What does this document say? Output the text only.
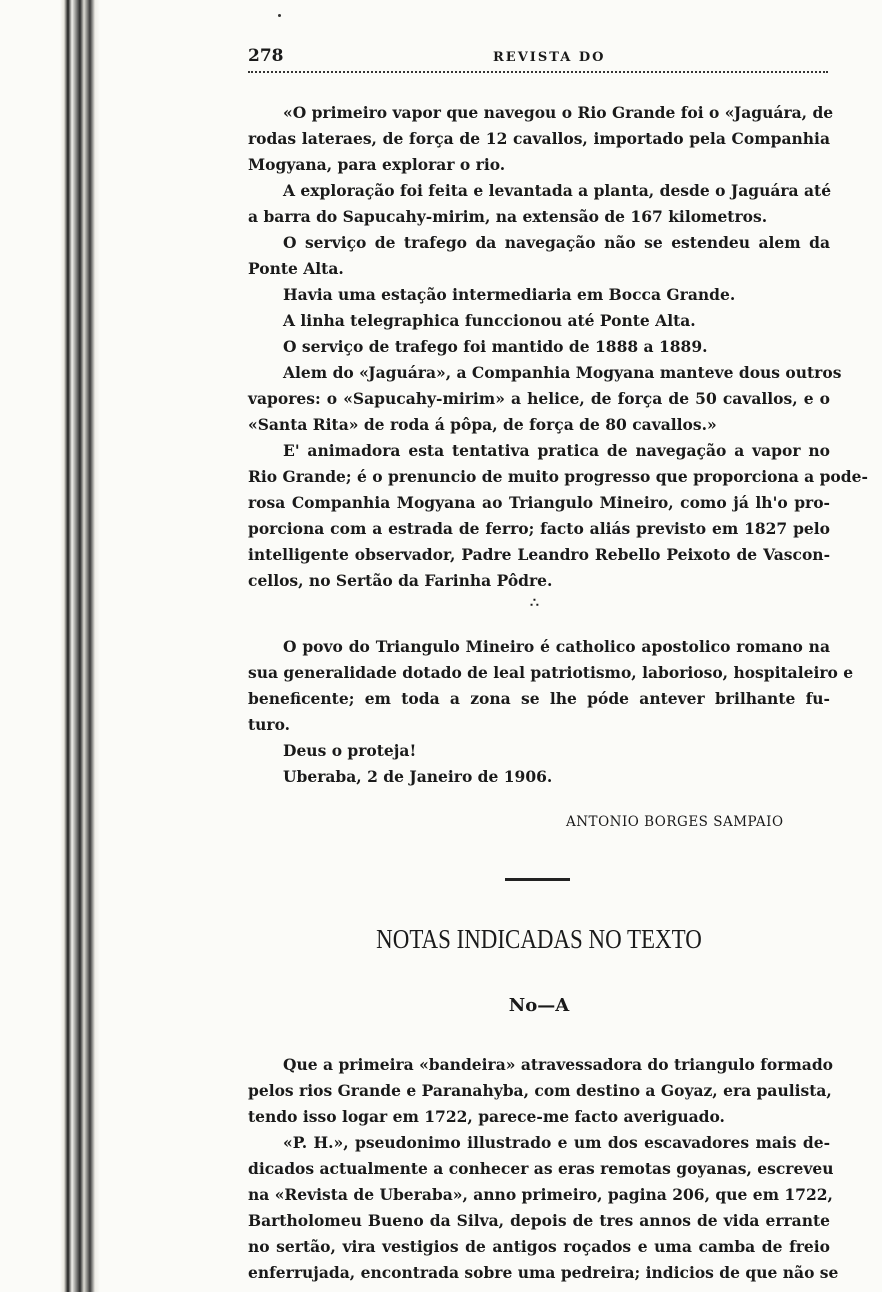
278	REVISTA DO
«O primeiro vapor que navegou o Rio Grande foi o «Jaguára, de
rodas lateraes, de força de 12 cavallos, importado pela Companhia
Mogyana, para explorar o rio.
A exploração foi feita e levantada a planta, desde o Jaguára até
a barra do Sapucahy-mirim, na extensão de 167 kilometros.
O serviço de trafego da navegação não se estendeu alem da
Ponte Alta.
Havia uma estação intermediaria em Bocca Grande.
A linha telegraphica funccionou até Ponte Alta.
O serviço de trafego foi mantido de 1888 a 1889.
Alem do «Jaguára», a Companhia Mogyana manteve dous outros
vapores: o «Sapucahy-mirim» a helice, de força de 50 cavallos, e o
«Santa Rita» de roda á pôpa, de força de 80 cavallos.»
E' animadora esta tentativa pratica de navegação a vapor no
Rio Grande; é o prenuncio de muito progresso que proporciona a pode-
rosa Companhia Mogyana ao Triangulo Mineiro, como já lh'o pro-
porciona com a estrada de ferro; facto aliás previsto em 1827 pelo
intelligente observador, Padre Leandro Rebello Peixoto de Vascon-
cellos, no Sertão da Farinha Pôdre.
∴
O povo do Triangulo Mineiro é catholico apostolico romano na
sua generalidade dotado de leal patriotismo, laborioso, hospitaleiro e
beneficente; em toda a zona se lhe póde antever brilhante fu-
turo.
Deus o proteja!
Uberaba, 2 de Janeiro de 1906.
ANTONIO BORGES SAMPAIO
NOTAS INDICADAS NO TEXTO
No—A
Que a primeira «bandeira» atravessadora do triangulo formado
pelos rios Grande e Paranahyba, com destino a Goyaz, era paulista,
tendo isso logar em 1722, parece-me facto averiguado.
«P. H.», pseudonimo illustrado e um dos escavadores mais de-
dicados actualmente a conhecer as eras remotas goyanas, escreveu
na «Revista de Uberaba», anno primeiro, pagina 206, que em 1722,
Bartholomeu Bueno da Silva, depois de tres annos de vida errante
no sertão, vira vestigios de antigos roçados e uma camba de freio
enferrujada, encontrada sobre uma pedreira; indicios de que não se
